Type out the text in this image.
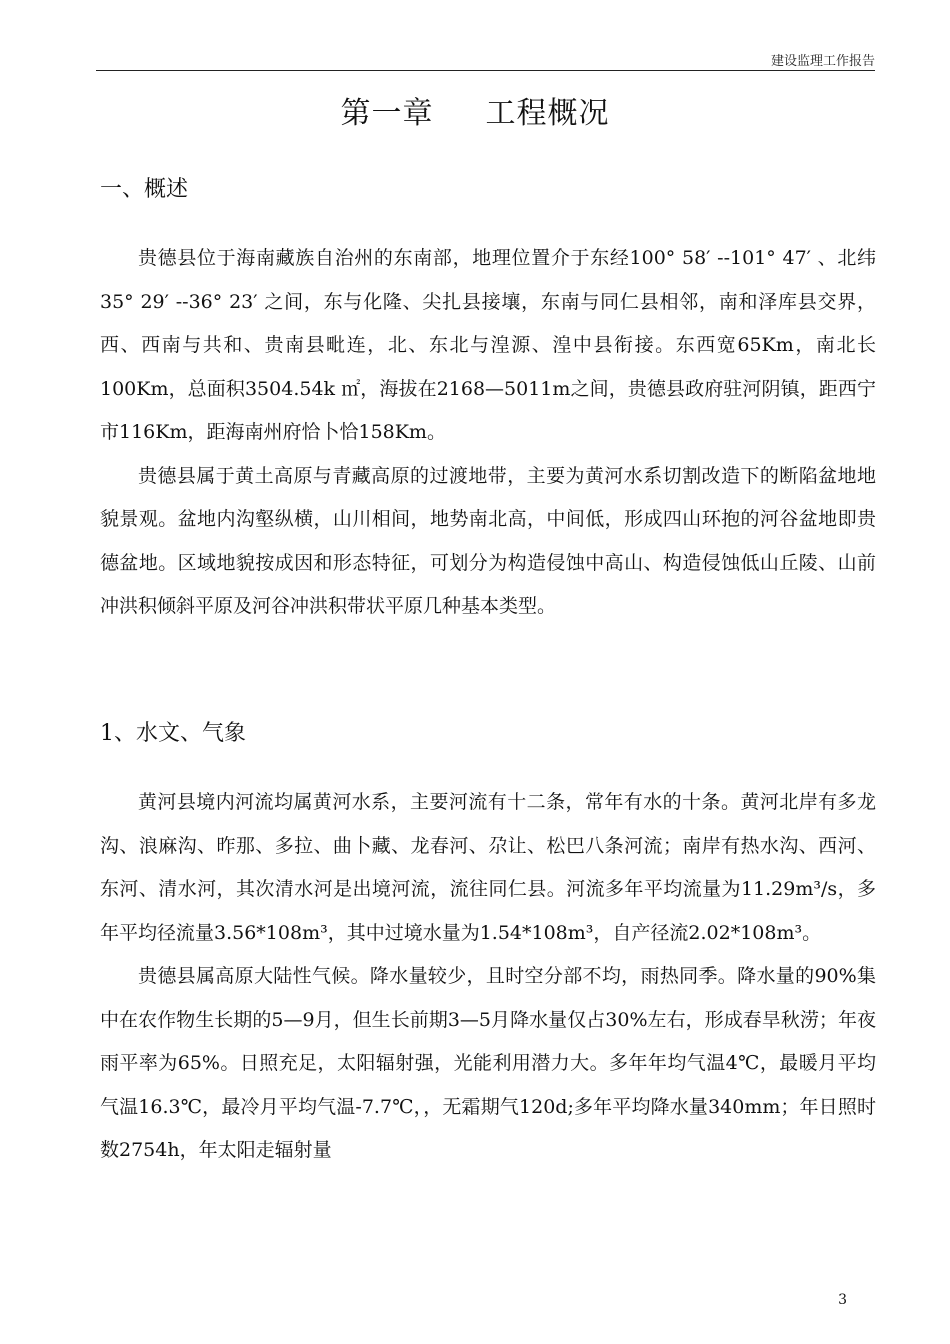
建设监理工作报告
第一章 工程概况
一、概述

贵德县位于海南藏族自治州的东南部，地理位置介于东经100° 58′ --101° 47′ 、北纬35° 29′ --36° 23′ 之间，东与化隆、尖扎县接壤，东南与同仁县相邻，南和泽库县交界，西、西南与共和、贵南县毗连，北、东北与湟源、湟中县衔接。东西宽65Km，南北长100Km，总面积3504.54k ㎡，海拔在2168—5011m之间，贵德县政府驻河阴镇，距西宁市116Km，距海南州府恰卜恰158Km。

贵德县属于黄土高原与青藏高原的过渡地带，主要为黄河水系切割改造下的断陷盆地地貌景观。盆地内沟壑纵横，山川相间，地势南北高，中间低，形成四山环抱的河谷盆地即贵德盆地。区域地貌按成因和形态特征，可划分为构造侵蚀中高山、构造侵蚀低山丘陵、山前冲洪积倾斜平原及河谷冲洪积带状平原几种基本类型。

1、水文、气象

黄河县境内河流均属黄河水系，主要河流有十二条，常年有水的十条。黄河北岸有多龙沟、浪麻沟、昨那、多拉、曲卜藏、龙春河、尕让、松巴八条河流；南岸有热水沟、西河、东河、清水河，其次清水河是出境河流，流往同仁县。河流多年平均流量为11.29m³/s，多年平均径流量3.56*108m³，其中过境水量为1.54*108m³，自产径流2.02*108m³。

贵德县属高原大陆性气候。降水量较少，且时空分部不均，雨热同季。降水量的90%集中在农作物生长期的5—9月，但生长前期3—5月降水量仅占30%左右，形成春旱秋涝；年夜雨平率为65%。日照充足，太阳辐射强，光能利用潜力大。多年年均气温4℃，最暖月平均气温16.3℃，最冷月平均气温-7.7℃，，无霜期气120d;多年平均降水量340mm；年日照时数2754h，年太阳走辐射量

3
